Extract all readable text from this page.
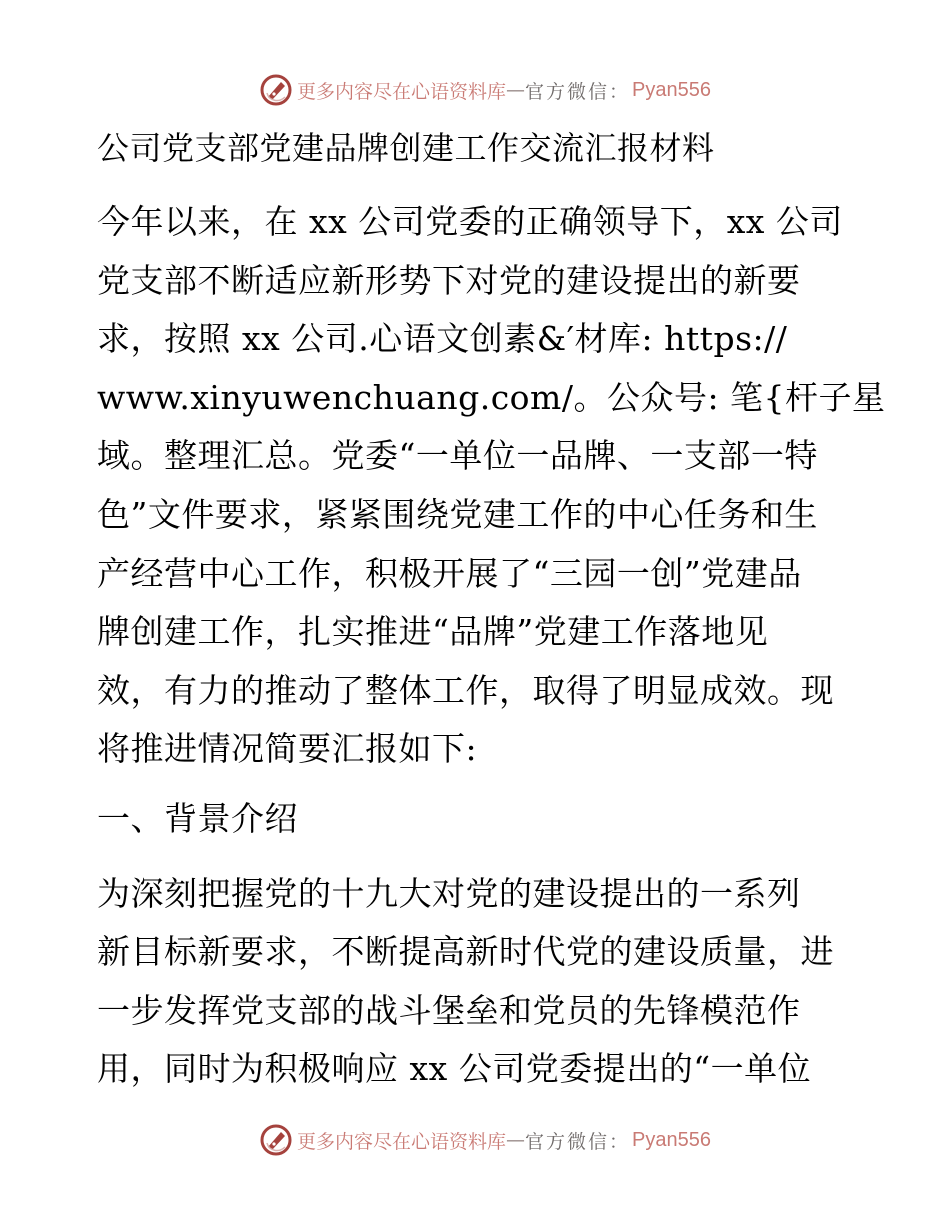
更多内容尽在心语资料库 — 官方微信： Pyan556
公司党支部党建品牌创建工作交流汇报材料
今年以来，在 xx 公司党委的正确领导下，xx 公司
党支部不断适应新形势下对党的建设提出的新要
求，按照 xx 公司.心语文创素&′材库: https://
www.xinyuwenchuang.com/。公众号: 笔{杆子星
域。整理汇总。党委“一单位一品牌、一支部一特
色”文件要求，紧紧围绕党建工作的中心任务和生
产经营中心工作，积极开展了“三园一创”党建品
牌创建工作，扎实推进“品牌”党建工作落地见
效，有力的推动了整体工作，取得了明显成效。现
将推进情况简要汇报如下:
一、背景介绍
为深刻把握党的十九大对党的建设提出的一系列
新目标新要求，不断提高新时代党的建设质量，进
一步发挥党支部的战斗堡垒和党员的先锋模范作
用，同时为积极响应 xx 公司党委提出的“一单位
更多内容尽在心语资料库 — 官方微信： Pyan556
